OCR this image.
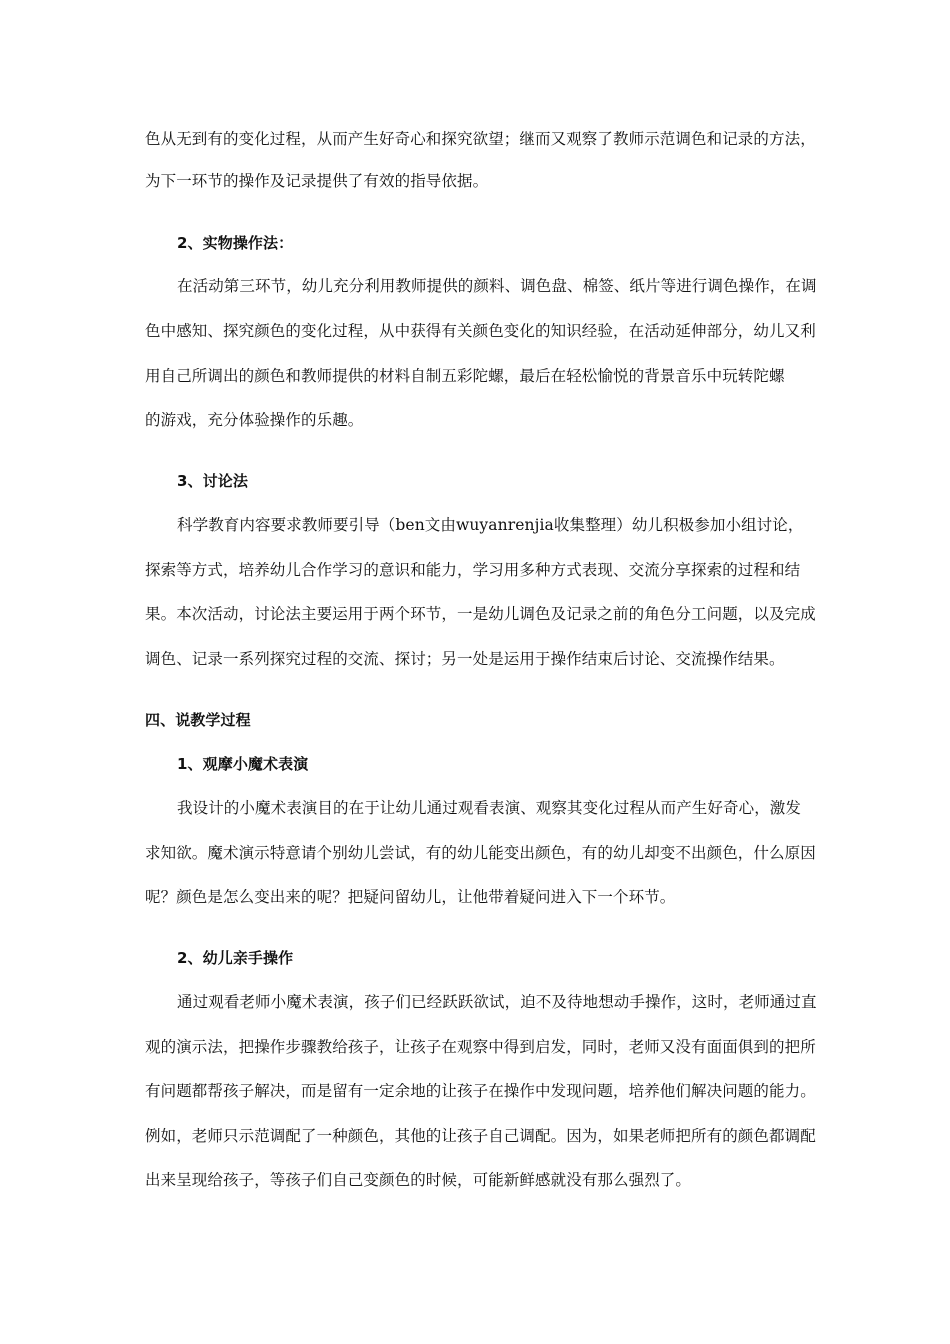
色从无到有的变化过程，从而产生好奇心和探究欲望；继而又观察了教师示范调色和记录的方法，
为下一环节的操作及记录提供了有效的指导依据。
2、实物操作法：
在活动第三环节，幼儿充分利用教师提供的颜料、调色盘、棉签、纸片等进行调色操作，在调
色中感知、探究颜色的变化过程，从中获得有关颜色变化的知识经验，在活动延伸部分，幼儿又利
用自己所调出的颜色和教师提供的材料自制五彩陀螺，最后在轻松愉悦的背景音乐中玩转陀螺
的游戏，充分体验操作的乐趣。
3、讨论法
科学教育内容要求教师要引导（ben文由wuyanrenjia收集整理）幼儿积极参加小组讨论，
探索等方式，培养幼儿合作学习的意识和能力，学习用多种方式表现、交流分享探索的过程和结
果。本次活动，讨论法主要运用于两个环节，一是幼儿调色及记录之前的角色分工问题，以及完成
调色、记录一系列探究过程的交流、探讨；另一处是运用于操作结束后讨论、交流操作结果。
四、说教学过程
1、观摩小魔术表演
我设计的小魔术表演目的在于让幼儿通过观看表演、观察其变化过程从而产生好奇心，激发
求知欲。魔术演示特意请个别幼儿尝试，有的幼儿能变出颜色，有的幼儿却变不出颜色，什么原因
呢？颜色是怎么变出来的呢？把疑问留幼儿，让他带着疑问进入下一个环节。
2、幼儿亲手操作
通过观看老师小魔术表演，孩子们已经跃跃欲试，迫不及待地想动手操作，这时，老师通过直
观的演示法，把操作步骤教给孩子，让孩子在观察中得到启发，同时，老师又没有面面俱到的把所
有问题都帮孩子解决，而是留有一定余地的让孩子在操作中发现问题，培养他们解决问题的能力。
例如，老师只示范调配了一种颜色，其他的让孩子自己调配。因为，如果老师把所有的颜色都调配
出来呈现给孩子，等孩子们自己变颜色的时候，可能新鲜感就没有那么强烈了。
